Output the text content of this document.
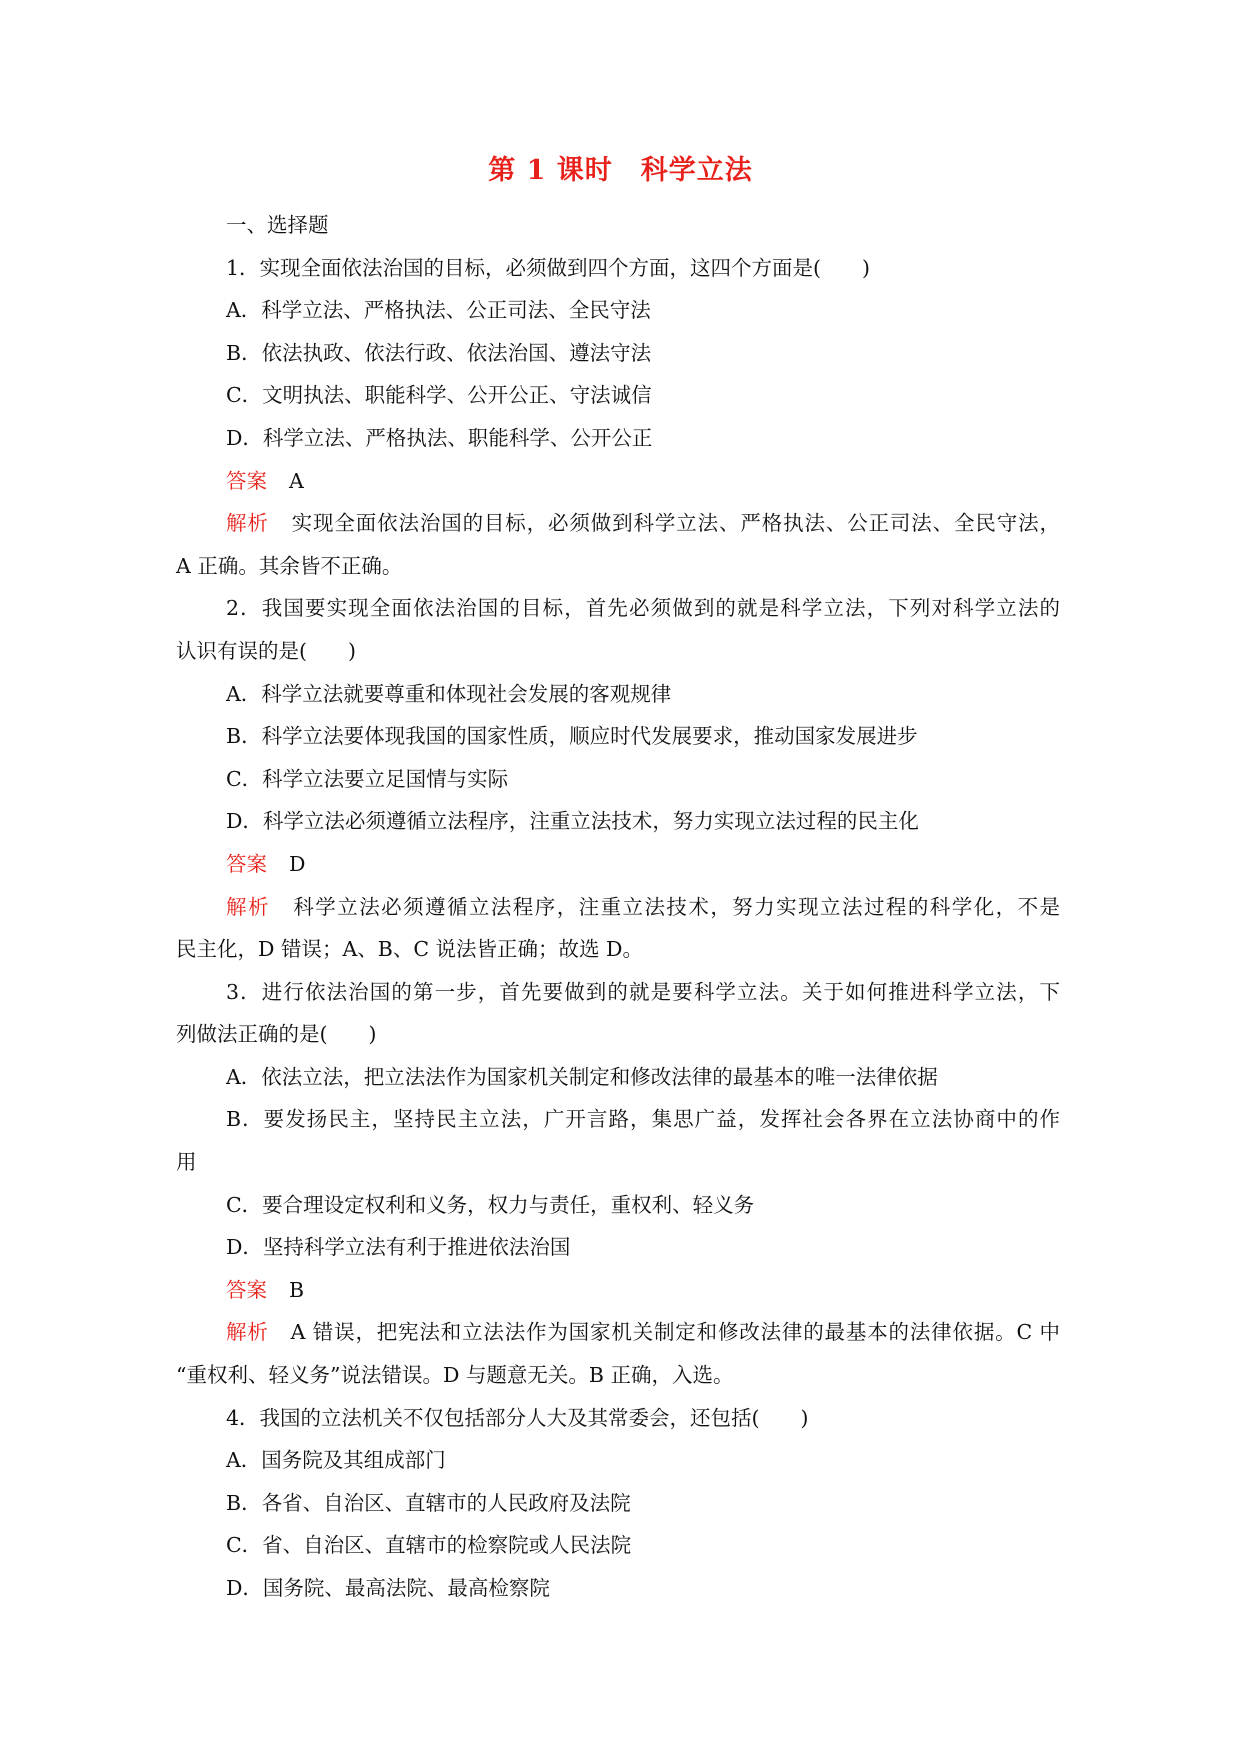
第 1 课时　科学立法
一、选择题
1．实现全面依法治国的目标，必须做到四个方面，这四个方面是(　　)
A．科学立法、严格执法、公正司法、全民守法
B．依法执政、依法行政、依法治国、遵法守法
C．文明执法、职能科学、公开公正、守法诚信
D．科学立法、严格执法、职能科学、公开公正
答案 A
解析 实现全面依法治国的目标，必须做到科学立法、严格执法、公正司法、全民守法，
A 正确。其余皆不正确。
2．我国要实现全面依法治国的目标，首先必须做到的就是科学立法，下列对科学立法的
认识有误的是(　　)
A．科学立法就要尊重和体现社会发展的客观规律
B．科学立法要体现我国的国家性质，顺应时代发展要求，推动国家发展进步
C．科学立法要立足国情与实际
D．科学立法必须遵循立法程序，注重立法技术，努力实现立法过程的民主化
答案 D
解析 科学立法必须遵循立法程序，注重立法技术，努力实现立法过程的科学化，不是
民主化，D 错误；A、B、C 说法皆正确；故选 D。
3．进行依法治国的第一步，首先要做到的就是要科学立法。关于如何推进科学立法，下
列做法正确的是(　　)
A．依法立法，把立法法作为国家机关制定和修改法律的最基本的唯一法律依据
B．要发扬民主，坚持民主立法，广开言路，集思广益，发挥社会各界在立法协商中的作
用
C．要合理设定权利和义务，权力与责任，重权利、轻义务
D．坚持科学立法有利于推进依法治国
答案 B
解析 A 错误，把宪法和立法法作为国家机关制定和修改法律的最基本的法律依据。C 中
“重权利、轻义务”说法错误。D 与题意无关。B 正确，入选。
4．我国的立法机关不仅包括部分人大及其常委会，还包括(　　)
A．国务院及其组成部门
B．各省、自治区、直辖市的人民政府及法院
C．省、自治区、直辖市的检察院或人民法院
D．国务院、最高法院、最高检察院
